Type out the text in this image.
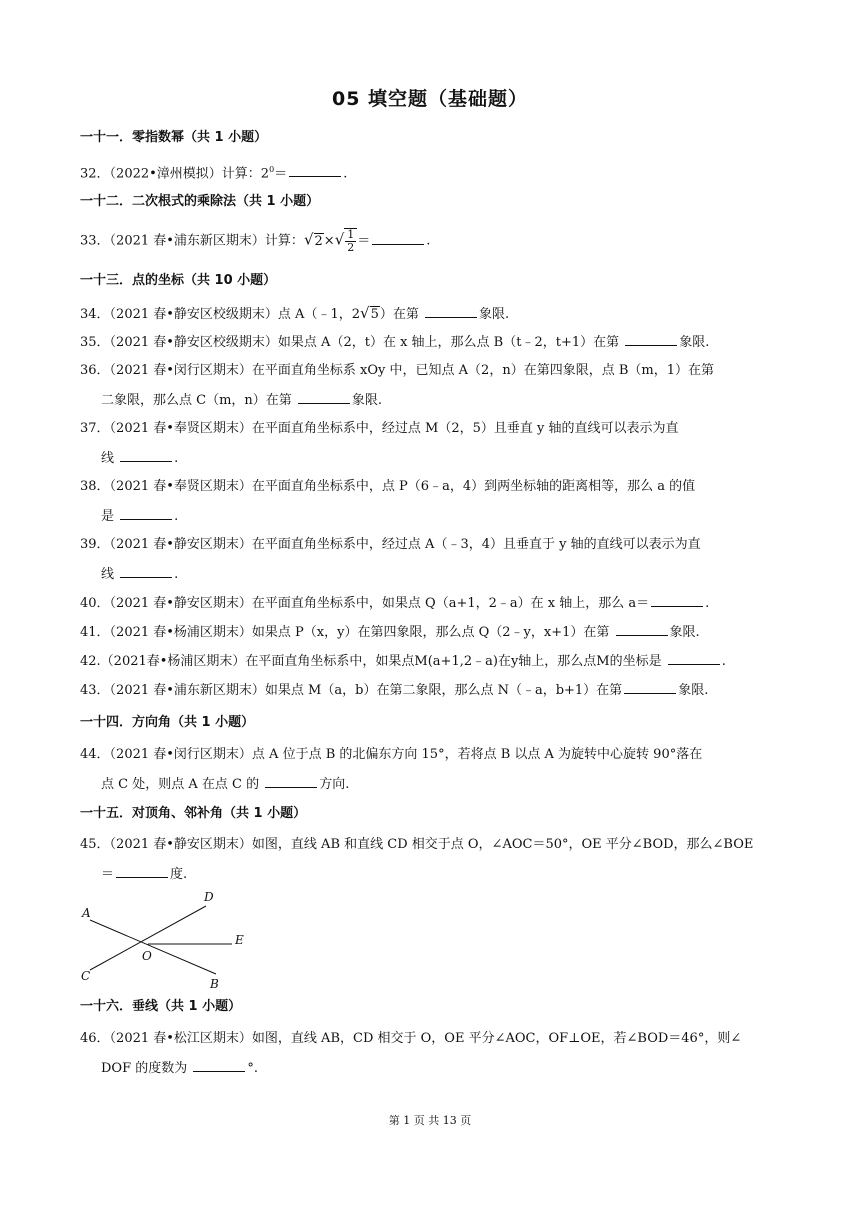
05 填空题（基础题）
一十一．零指数幂（共 1 小题）
32．（2022•漳州模拟）计算：$2^0=$	.
一十二．二次根式的乘除法（共 1 小题）
33．（2021 春•浦东新区期末）计算：$√2\times√ \frac{1}{2}$ ＝	.
一十三．点的坐标（共 10 小题）
34．（2021 春•静安区校级期末）点 A（﹣1，2√5）在第	象限.
35．（2021 春•静安区校级期末）如果点 A（2，t）在 x 轴上，那么点 B（t﹣2，t+1）在第	象限.
36．（2021 春•闵行区期末）在平面直角坐标系 xOy 中，已知点 A（2，n）在第四象限，点 B（m，1）在第
二象限，那么点 C（m，n）在第	象限.
37．（2021 春•奉贤区期末）在平面直角坐标系中，经过点 M（2，5）且垂直 y 轴的直线可以表示为直
线	.
38．（2021 春•奉贤区期末）在平面直角坐标系中，点 P（6﹣a，4）到两坐标轴的距离相等，那么 a 的值
是	.
39．（2021 春•静安区期末）在平面直角坐标系中，经过点 A（﹣3，4）且垂直于 y 轴的直线可以表示为直
线	.
40．（2021 春•静安区期末）在平面直角坐标系中，如果点 Q（a+1，2﹣a）在 x 轴上，那么 a＝	.
41．（2021 春•杨浦区期末）如果点 P（x，y）在第四象限，那么点 Q（2﹣y，x+1）在第	象限.
42.（2021春•杨浦区期末）在平面直角坐标系中，如果点M(a+1,2﹣a)在y轴上，那么点M的坐标是	.
43．（2021 春•浦东新区期末）如果点 M（a，b）在第二象限，那么点 N（﹣a，b+1）在第	象限.
一十四．方向角（共 1 小题）
44．（2021 春•闵行区期末）点 A 位于点 B 的北偏东方向 15°，若将点 B 以点 A 为旋转中心旋转 90°落在
点 C 处，则点 A 在点 C 的	方向.
一十五．对顶角、邻补角（共 1 小题）
45．（2021 春•静安区期末）如图，直线 AB 和直线 CD 相交于点 O，∠AOC＝50°，OE 平分∠BOD，那么∠BOE
＝	度.
A
B
C
D
E
O
一十六．垂线（共 1 小题）
46．（2021 春•松江区期末）如图，直线 AB，CD 相交于 O，OE 平分∠AOC，OF⊥OE，若∠BOD＝46°，则∠
DOF 的度数为	°.
第 1 页 共 13 页
